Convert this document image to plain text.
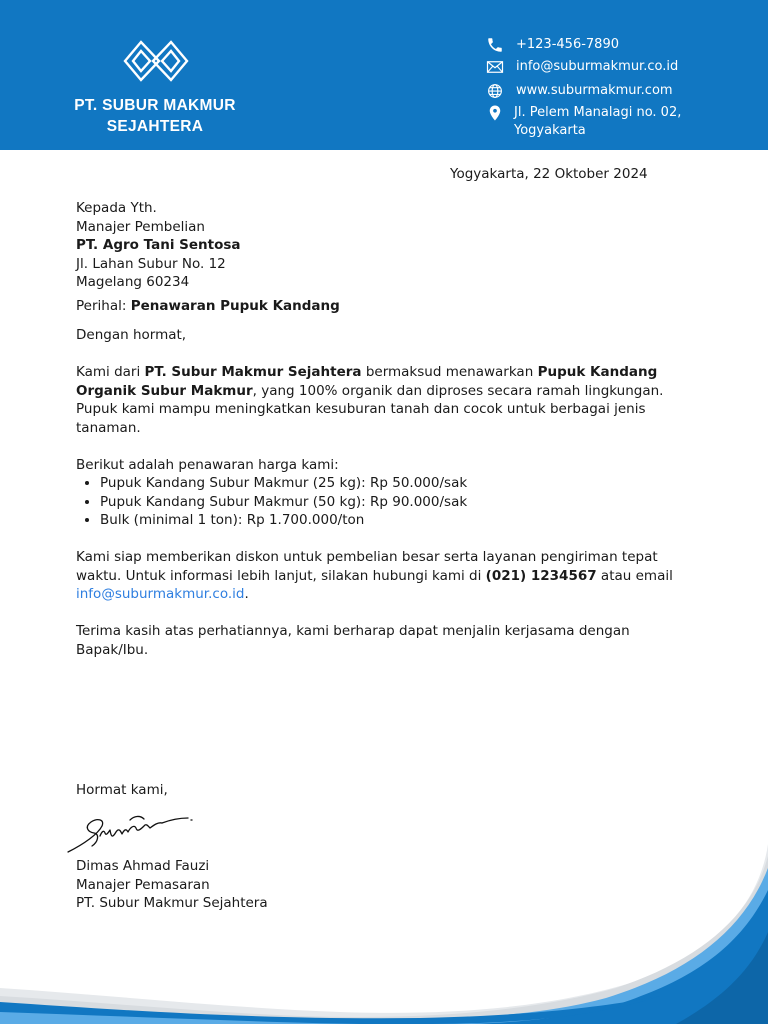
PT. SUBUR MAKMUR
SEJAHTERA
+123-456-7890
info@suburmakmur.co.id
www.suburmakmur.com
Jl. Pelem Manalagi no. 02,
Yogyakarta
Yogyakarta, 22 Oktober 2024
Kepada Yth.
Manajer Pembelian
PT. Agro Tani Sentosa
Jl. Lahan Subur No. 12
Magelang 60234
Perihal: Penawaran Pupuk Kandang

Dengan hormat,

Kami dari PT. Subur Makmur Sejahtera bermaksud menawarkan Pupuk Kandang Organik Subur Makmur, yang 100% organik dan diproses secara ramah lingkungan. Pupuk kami mampu meningkatkan kesuburan tanah dan cocok untuk berbagai jenis tanaman.

Berikut adalah penawaran harga kami:

• Pupuk Kandang Subur Makmur (25 kg): Rp 50.000/sak
• Pupuk Kandang Subur Makmur (50 kg): Rp 90.000/sak
• Bulk (minimal 1 ton): Rp 1.700.000/ton

Kami siap memberikan diskon untuk pembelian besar serta layanan pengiriman tepat waktu. Untuk informasi lebih lanjut, silakan hubungi kami di (021) 1234567 atau email info@suburmakmur.co.id.

Terima kasih atas perhatiannya, kami berharap dapat menjalin kerjasama dengan Bapak/Ibu.

Hormat kami,
Dimas Ahmad Fauzi
Manajer Pemasaran
PT. Subur Makmur Sejahtera
